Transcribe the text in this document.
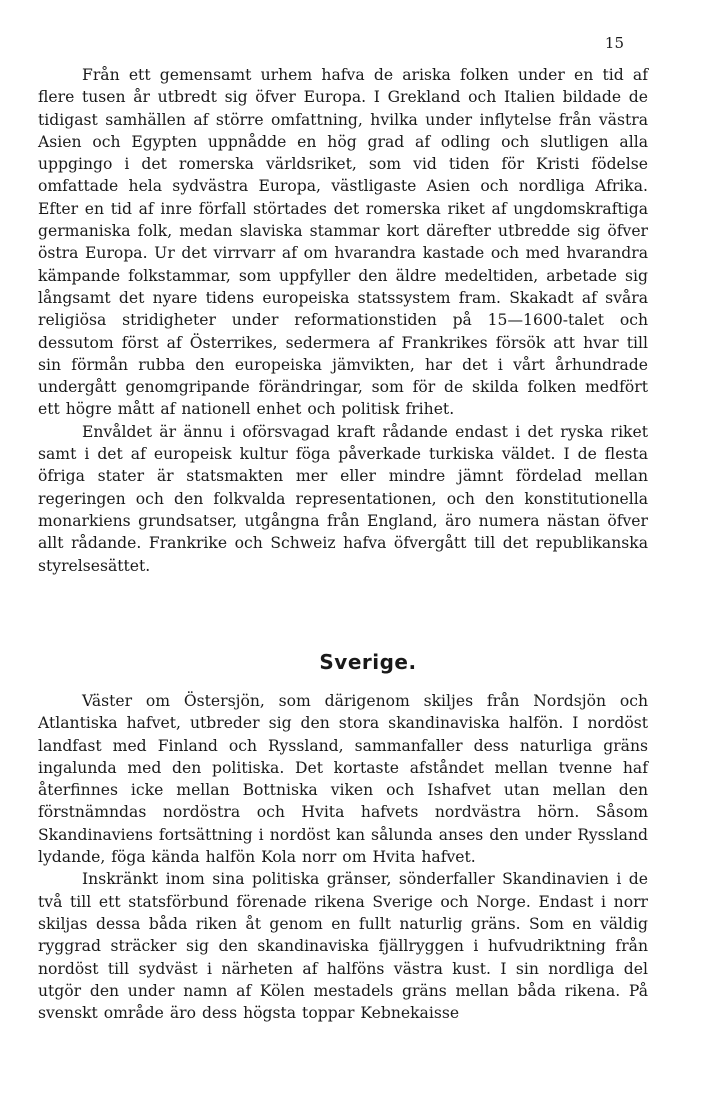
15

Från ett gemensamt urhem hafva de ariska folken under en tid af flere tusen år utbredt sig öfver Europa. I Grekland och Italien bildade de tidigast samhällen af större omfattning, hvilka under inflytelse från västra Asien och Egypten uppnådde en hög grad af odling och slutligen alla uppgingo i det romerska världsriket, som vid tiden för Kristi födelse omfattade hela sydvästra Europa, västligaste Asien och nordliga Afrika. Efter en tid af inre förfall störtades det romerska riket af ungdomskraftiga germaniska folk, medan slaviska stammar kort därefter utbredde sig öfver östra Europa. Ur det virrvarr af om hvarandra kastade och med hvarandra kämpande folkstammar, som uppfyller den äldre medeltiden, arbetade sig långsamt det nyare tidens europeiska statssystem fram. Skakadt af svåra religiösa stridigheter under reformationstiden på 15—1600-talet och dessutom först af Österrikes, sedermera af Frankrikes försök att hvar till sin förmån rubba den europeiska jämvikten, har det i vårt århundrade undergått genomgripande förändringar, som för de skilda folken medfört ett högre mått af nationell enhet och politisk frihet.

Envåldet är ännu i oförsvagad kraft rådande endast i det ryska riket samt i det af europeisk kultur föga påverkade turkiska väldet. I de flesta öfriga stater är statsmakten mer eller mindre jämnt fördelad mellan regeringen och den folkvalda representationen, och den konstitutionella monarkiens grundsatser, utgångna från England, äro numera nästan öfver allt rådande. Frankrike och Schweiz hafva öfvergått till det republikanska styrelsesättet.

Sverige.

Väster om Östersjön, som därigenom skiljes från Nordsjön och Atlantiska hafvet, utbreder sig den stora skandinaviska halfön. I nordöst landfast med Finland och Ryssland, sammanfaller dess naturliga gräns ingalunda med den politiska. Det kortaste afståndet mellan tvenne haf återfinnes icke mellan Bottniska viken och Ishafvet utan mellan den förstnämndas nordöstra och Hvita hafvets nordvästra hörn. Såsom Skandinaviens fortsättning i nordöst kan sålunda anses den under Ryssland lydande, föga kända halfön Kola norr om Hvita hafvet.

Inskränkt inom sina politiska gränser, sönderfaller Skandinavien i de två till ett statsförbund förenade rikena Sverige och Norge. Endast i norr skiljas dessa båda riken åt genom en fullt naturlig gräns. Som en väldig ryggrad sträcker sig den skandinaviska fjällryggen i hufvudriktning från nordöst till sydväst i närheten af halföns västra kust. I sin nordliga del utgör den under namn af Kölen mestadels gräns mellan båda rikena. På svenskt område äro dess högsta toppar Kebnekaisse
